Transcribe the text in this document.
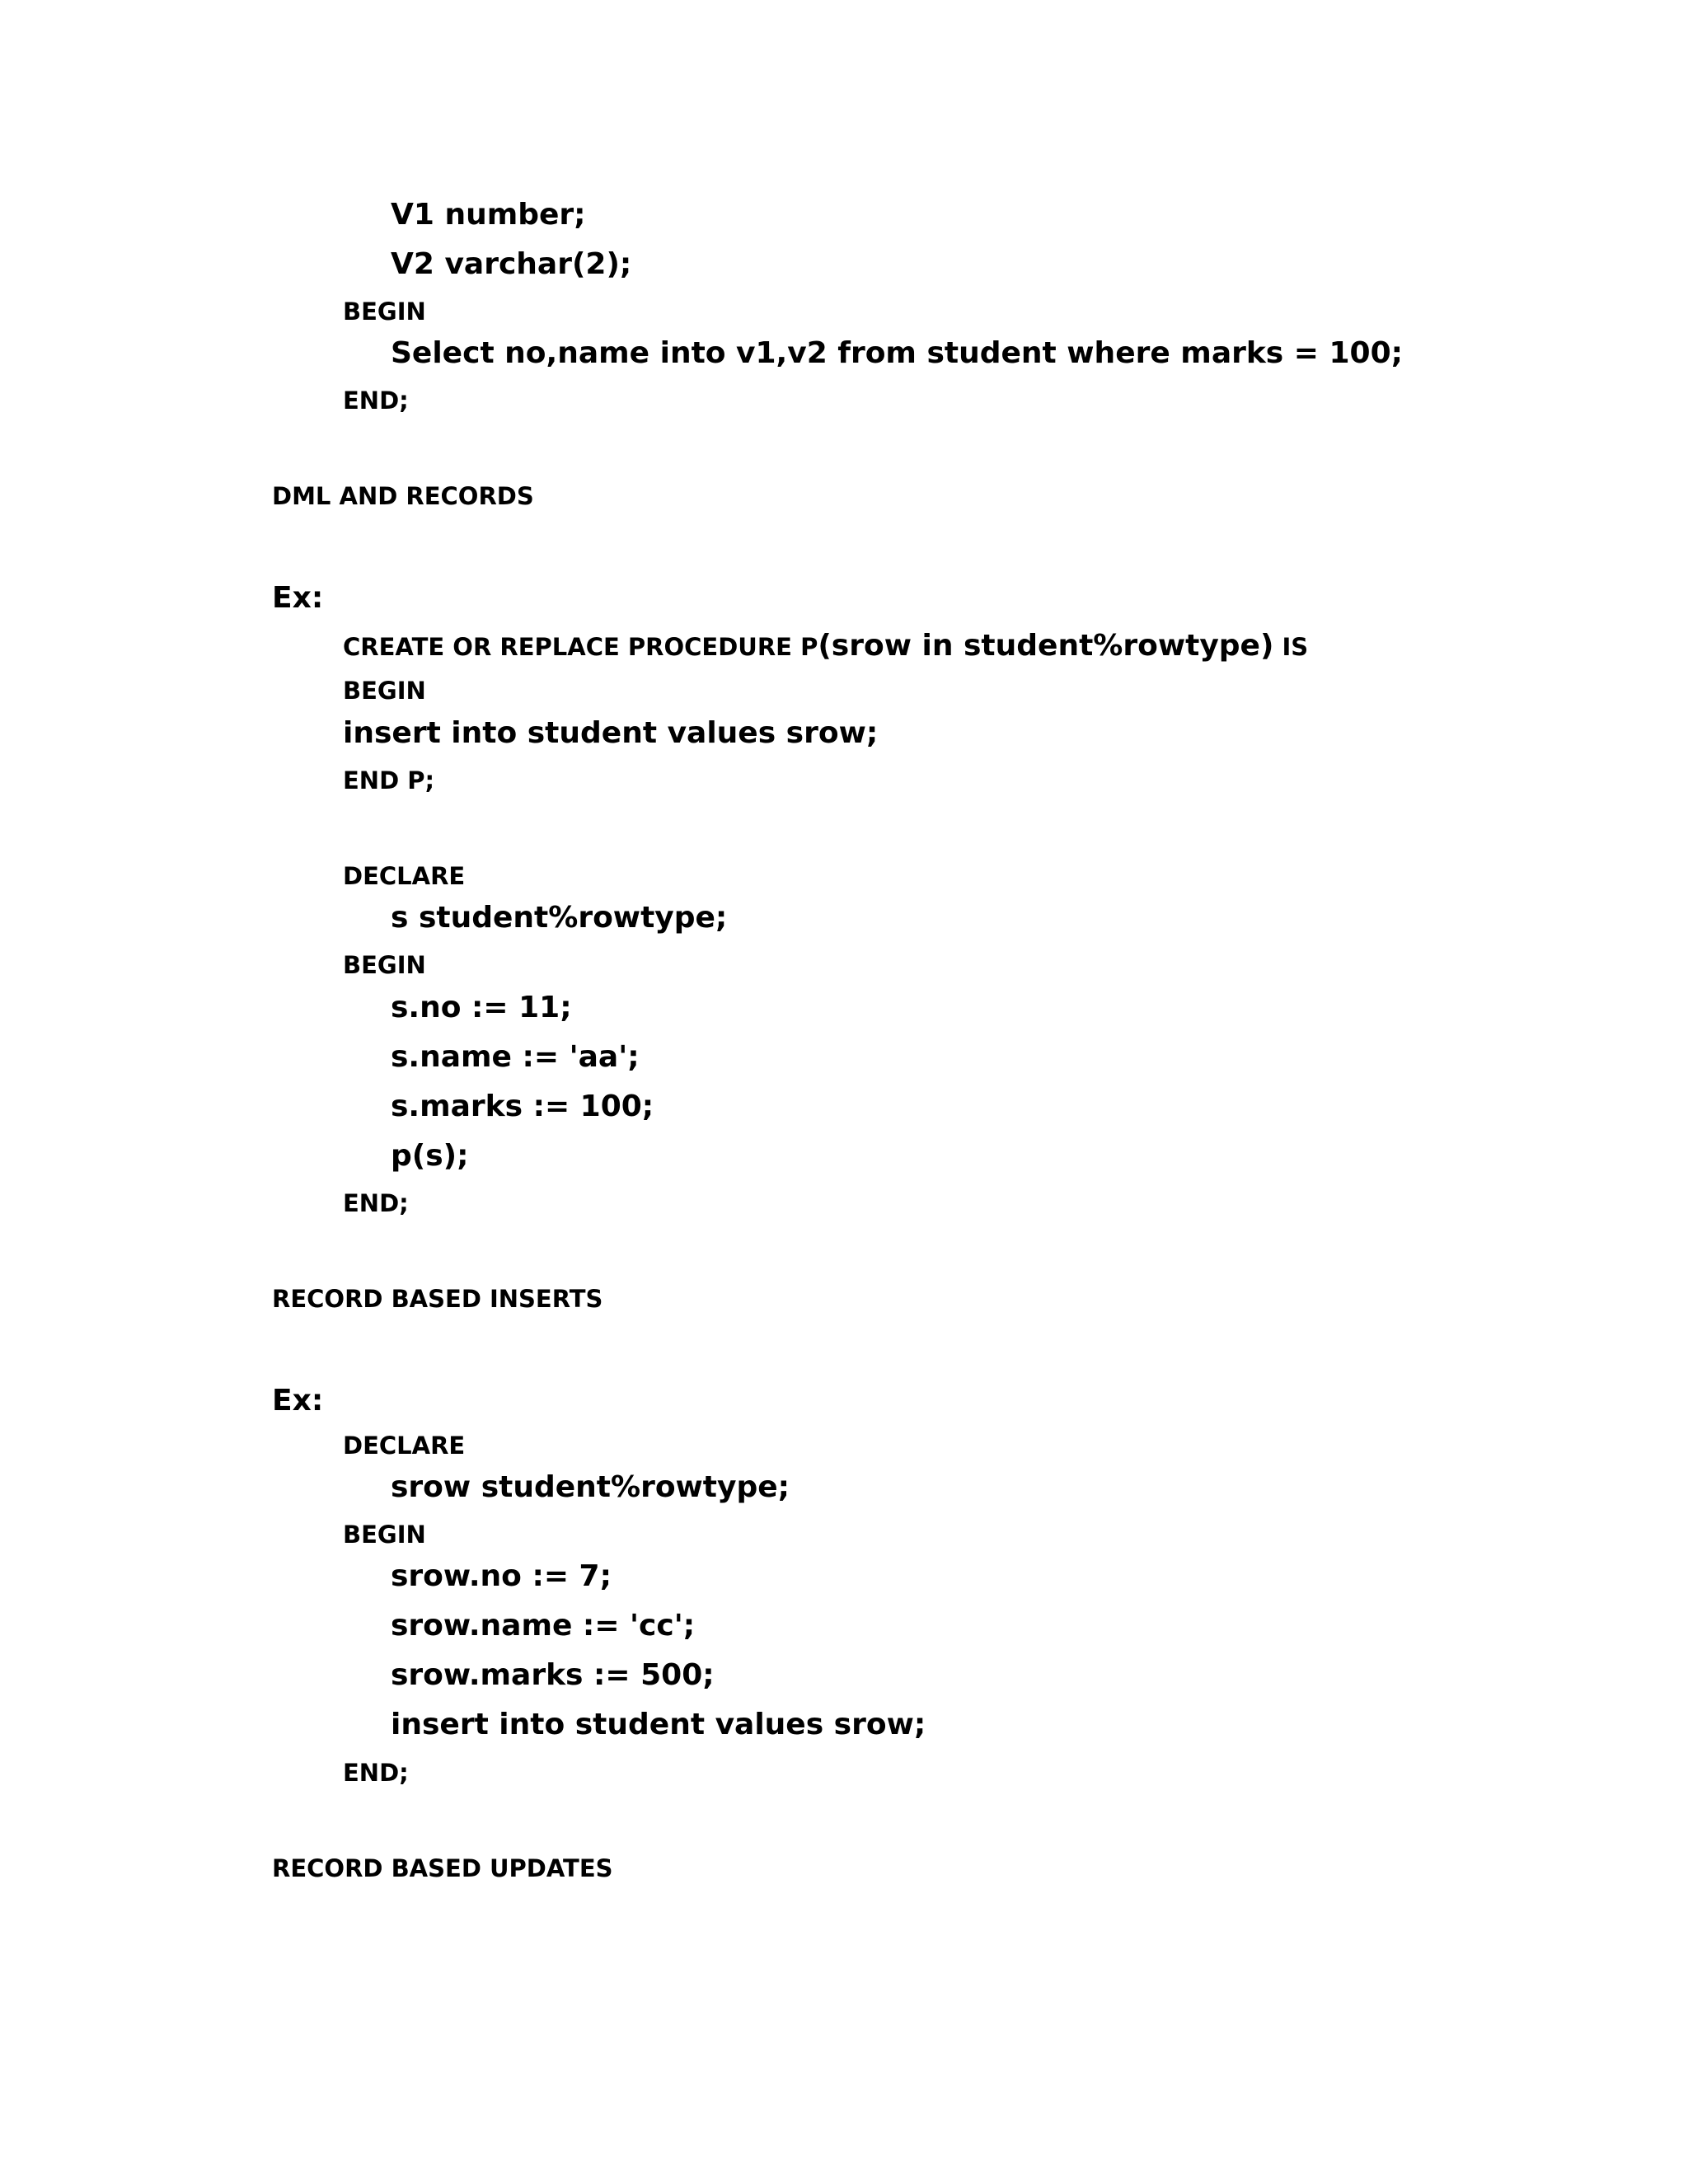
V1 number;
V2 varchar(2);
BEGIN
Select no,name into v1,v2 from student where marks = 100;
END;
DML AND RECORDS
Ex:
CREATE OR REPLACE PROCEDURE P(srow in student%rowtype) IS
BEGIN
insert into student values srow;
END P;
DECLARE
s student%rowtype;
BEGIN
s.no := 11;
s.name := 'aa';
s.marks := 100;
p(s);
END;
RECORD BASED INSERTS
Ex:
DECLARE
srow student%rowtype;
BEGIN
srow.no := 7;
srow.name := 'cc';
srow.marks := 500;
insert into student values srow;
END;
RECORD BASED UPDATES
